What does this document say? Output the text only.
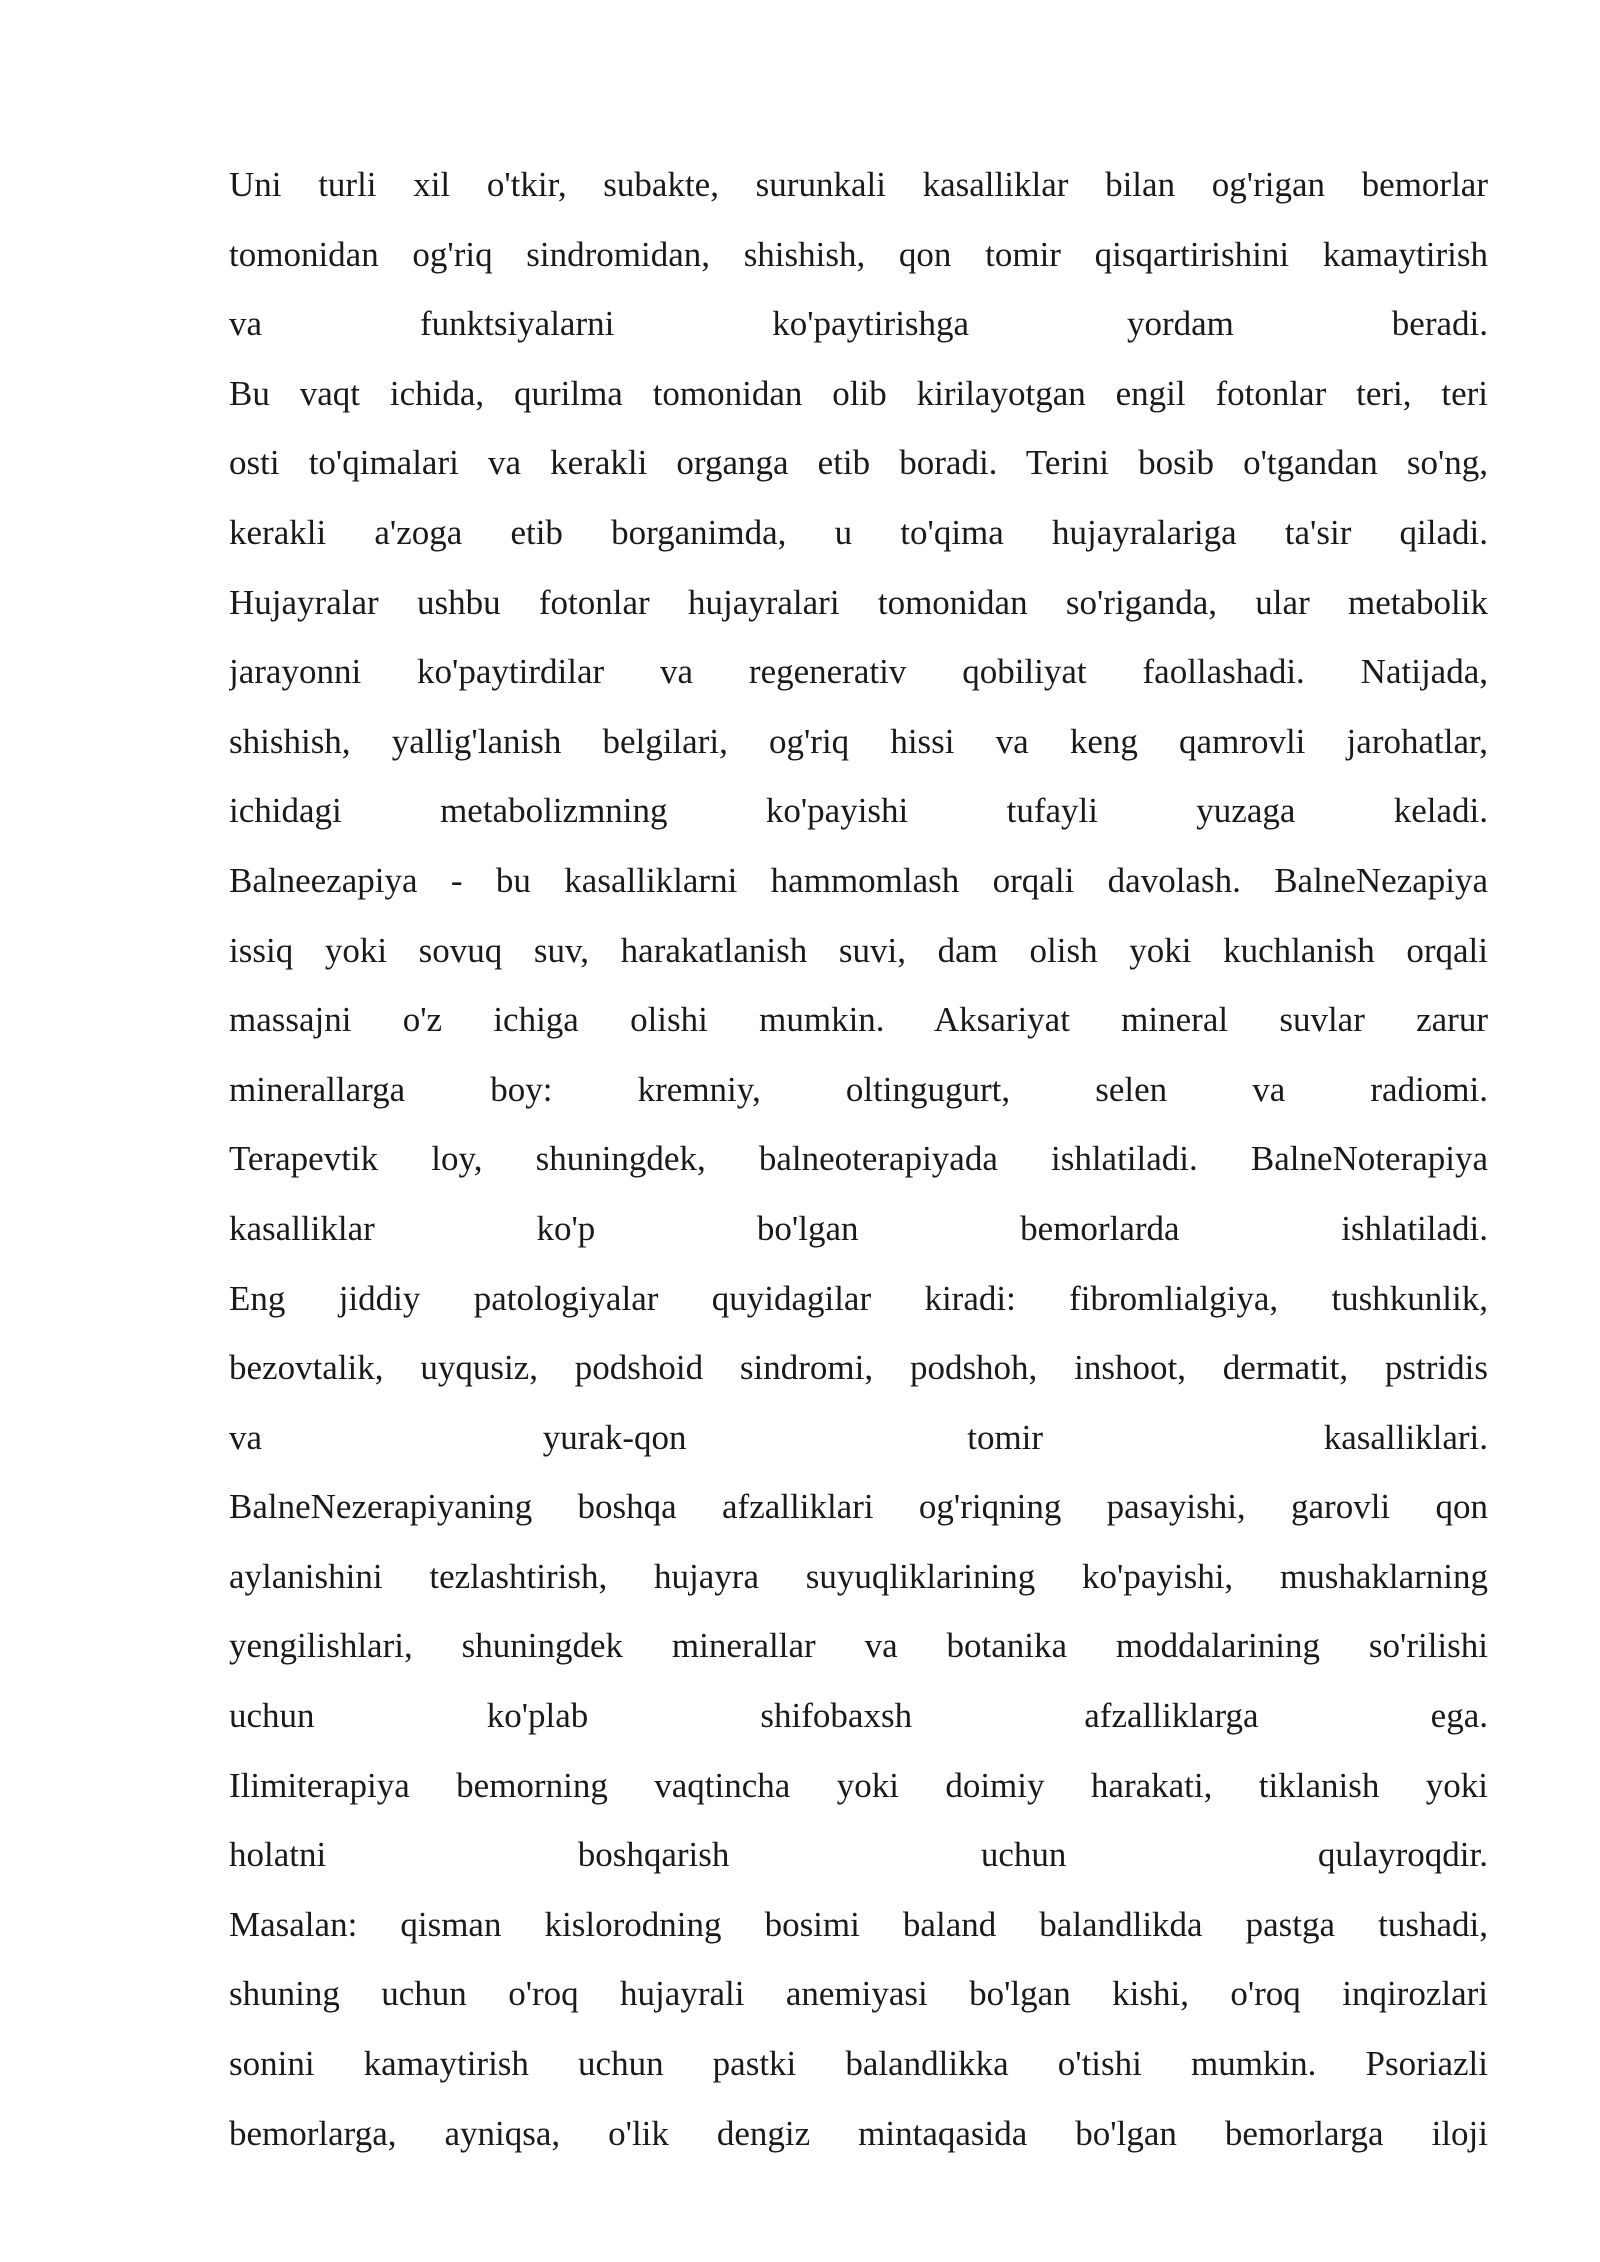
Uni turli xil o'tkir, subakte, surunkali kasalliklar bilan og'rigan bemorlar
tomonidan og'riq sindromidan, shishish, qon tomir qisqartirishini kamaytirish
va funktsiyalarni ko'paytirishga yordam beradi.
Bu vaqt ichida, qurilma tomonidan olib kirilayotgan engil fotonlar teri, teri
osti to'qimalari va kerakli organga etib boradi. Terini bosib o'tgandan so'ng,
kerakli a'zoga etib borganimda, u to'qima hujayralariga ta'sir qiladi.
Hujayralar ushbu fotonlar hujayralari tomonidan so'riganda, ular metabolik
jarayonni ko'paytirdilar va regenerativ qobiliyat faollashadi. Natijada,
shishish, yallig'lanish belgilari, og'riq hissi va keng qamrovli jarohatlar,
ichidagi metabolizmning ko'payishi tufayli yuzaga keladi.
Balneezapiya - bu kasalliklarni hammomlash orqali davolash. BalneNezapiya
issiq yoki sovuq suv, harakatlanish suvi, dam olish yoki kuchlanish orqali
massajni o'z ichiga olishi mumkin. Aksariyat mineral suvlar zarur
minerallarga boy: kremniy, oltingugurt, selen va radiomi.
Terapevtik loy, shuningdek, balneoterapiyada ishlatiladi. BalneNoterapiya
kasalliklar ko'p bo'lgan bemorlarda ishlatiladi.
Eng jiddiy patologiyalar quyidagilar kiradi: fibromlialgiya, tushkunlik,
bezovtalik, uyqusiz, podshoid sindromi, podshoh, inshoot, dermatit, pstridis
va yurak-qon tomir kasalliklari.
BalneNezerapiyaning boshqa afzalliklari og'riqning pasayishi, garovli qon
aylanishini tezlashtirish, hujayra suyuqliklarining ko'payishi, mushaklarning
yengilishlari, shuningdek minerallar va botanika moddalarining so'rilishi
uchun ko'plab shifobaxsh afzalliklarga ega.
Ilimiterapiya bemorning vaqtincha yoki doimiy harakati, tiklanish yoki
holatni boshqarish uchun qulayroqdir.
Masalan: qisman kislorodning bosimi baland balandlikda pastga tushadi,
shuning uchun o'roq hujayrali anemiyasi bo'lgan kishi, o'roq inqirozlari
sonini kamaytirish uchun pastki balandlikka o'tishi mumkin. Psoriazli
bemorlarga, ayniqsa, o'lik dengiz mintaqasida bo'lgan bemorlarga iloji
